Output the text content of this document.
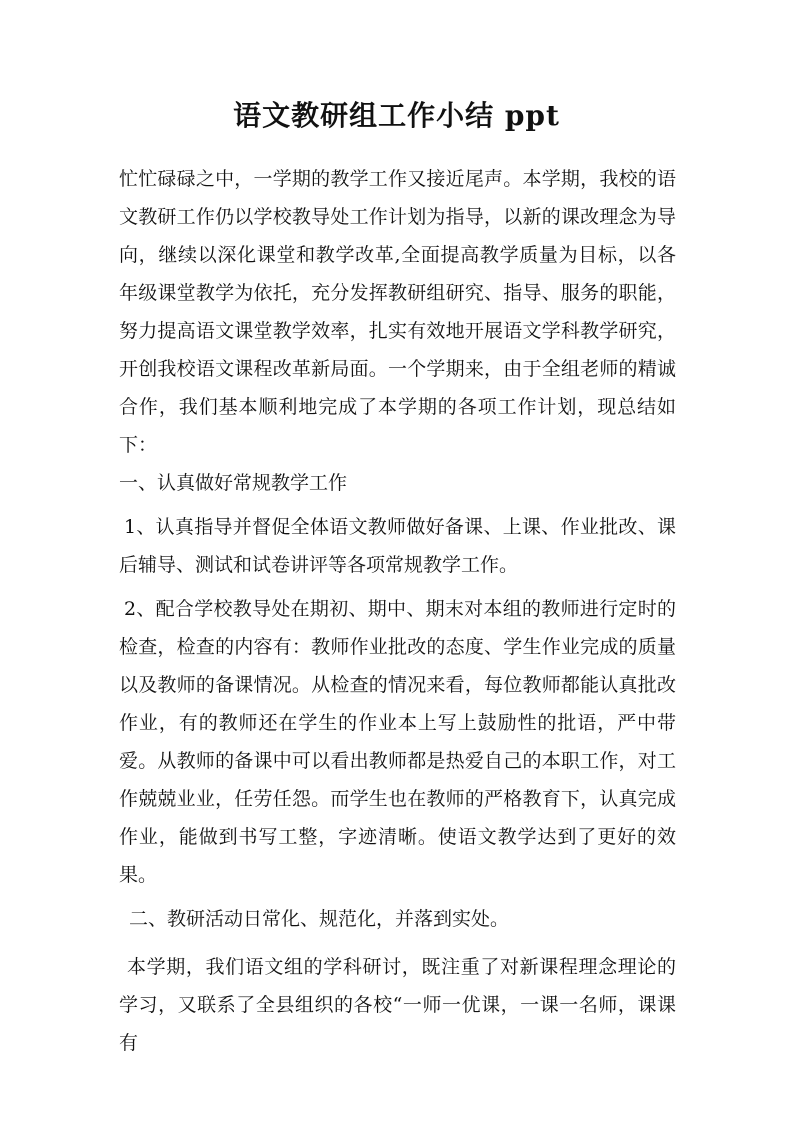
语文教研组工作小结 ppt

忙忙碌碌之中，一学期的教学工作又接近尾声。本学期，我校的语文教研工作仍以学校教导处工作计划为指导，以新的课改理念为导向，继续以深化课堂和教学改革,全面提高教学质量为目标，以各年级课堂教学为依托，充分发挥教研组研究、指导、服务的职能，努力提高语文课堂教学效率，扎实有效地开展语文学科教学研究，开创我校语文课程改革新局面。一个学期来，由于全组老师的精诚合作，我们基本顺利地完成了本学期的各项工作计划，现总结如下：

一、认真做好常规教学工作

1、认真指导并督促全体语文教师做好备课、上课、作业批改、课后辅导、测试和试卷讲评等各项常规教学工作。

2、配合学校教导处在期初、期中、期末对本组的教师进行定时的检查，检查的内容有：教师作业批改的态度、学生作业完成的质量以及教师的备课情况。从检查的情况来看，每位教师都能认真批改作业，有的教师还在学生的作业本上写上鼓励性的批语，严中带爱。从教师的备课中可以看出教师都是热爱自己的本职工作，对工作兢兢业业，任劳任怨。而学生也在教师的严格教育下，认真完成作业，能做到书写工整，字迹清晰。使语文教学达到了更好的效果。

二、教研活动日常化、规范化，并落到实处。

本学期，我们语文组的学科研讨，既注重了对新课程理念理论的学习，又联系了全县组织的各校“一师一优课，一课一名师，课课有
